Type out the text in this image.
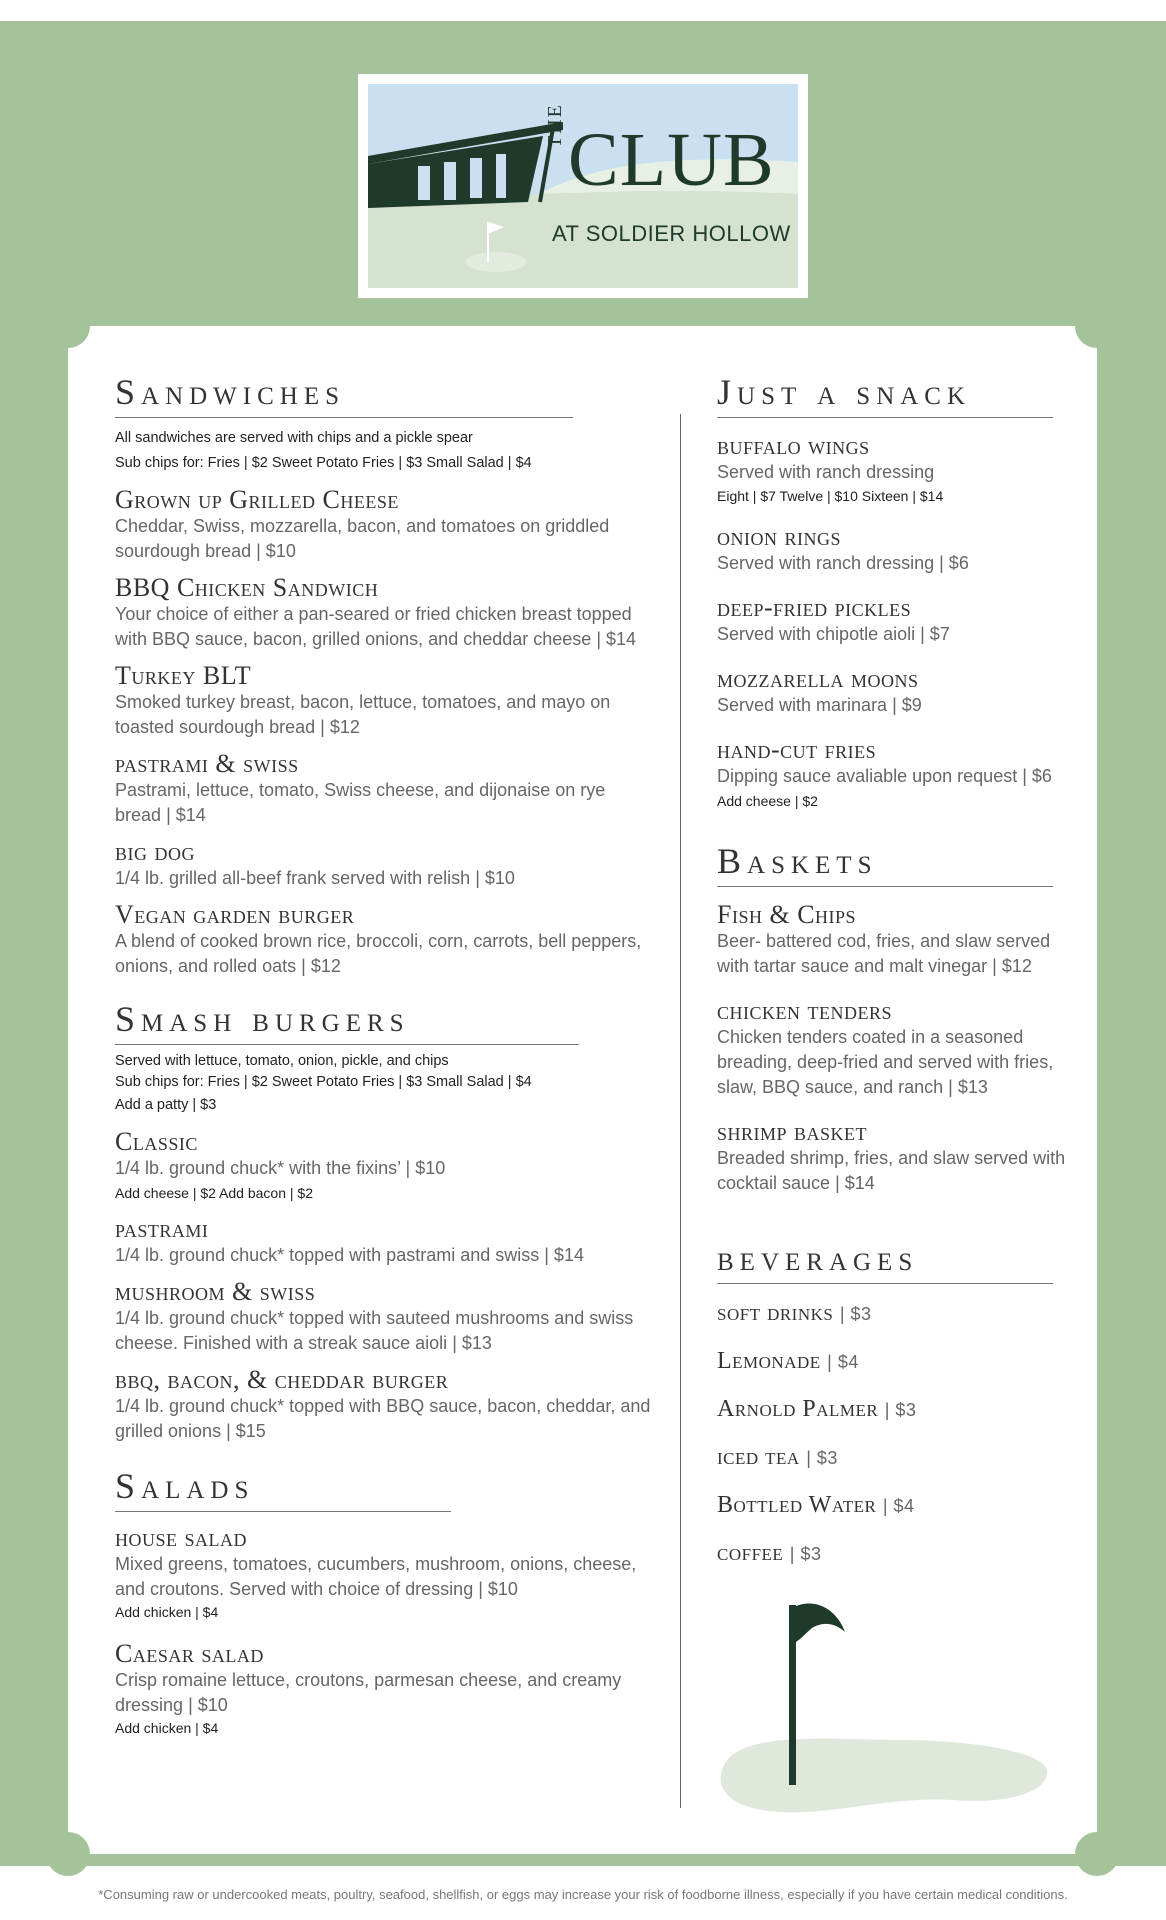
THE CLUB
AT SOLDIER HOLLOW
Sandwiches
All sandwiches are served with chips and a pickle spear
Sub chips for: Fries | $2 Sweet Potato Fries | $3 Small Salad | $4
Grown up Grilled Cheese
Cheddar, Swiss, mozzarella, bacon, and tomatoes on griddled sourdough bread | $10
BBQ Chicken Sandwich
Your choice of either a pan-seared or fried chicken breast topped with BBQ sauce, bacon, grilled onions, and cheddar cheese | $14
Turkey BLT
Smoked turkey breast, bacon, lettuce, tomatoes, and mayo on toasted sourdough bread | $12
pastrami & swiss
Pastrami, lettuce, tomato, Swiss cheese, and dijonaise on rye bread | $14
big dog
1/4 lb. grilled all-beef frank served with relish | $10
Vegan garden burger
A blend of cooked brown rice, broccoli, corn, carrots, bell peppers, onions, and rolled oats | $12
Smash burgers
Served with lettuce, tomato, onion, pickle, and chips
Sub chips for: Fries | $2 Sweet Potato Fries | $3 Small Salad | $4
Add a patty | $3
Classic
1/4 lb. ground chuck* with the fixins’ | $10
Add cheese | $2 Add bacon | $2
pastrami
1/4 lb. ground chuck* topped with pastrami and swiss | $14
mushroom & swiss
1/4 lb. ground chuck* topped with sauteed mushrooms and swiss cheese. Finished with a streak sauce aioli | $13
bbq, bacon, & cheddar burger
1/4 lb. ground chuck* topped with BBQ sauce, bacon, cheddar, and grilled onions | $15
Salads
house salad
Mixed greens, tomatoes, cucumbers, mushroom, onions, cheese, and croutons. Served with choice of dressing | $10
Add chicken | $4
Caesar salad
Crisp romaine lettuce, croutons, parmesan cheese, and creamy dressing | $10
Add chicken | $4
Just a snack
buffalo wings
Served with ranch dressing
Eight | $7 Twelve | $10 Sixteen | $14
onion rings
Served with ranch dressing | $6
deep-fried pickles
Served with chipotle aioli | $7
mozzarella moons
Served with marinara | $9
hand-cut fries
Dipping sauce avaliable upon request | $6
Add cheese | $2
Baskets
Fish & Chips
Beer- battered cod, fries, and slaw served with tartar sauce and malt vinegar | $12
chicken tenders
Chicken tenders coated in a seasoned breading, deep-fried and served with fries, slaw, BBQ sauce, and ranch | $13
shrimp basket
Breaded shrimp, fries, and slaw served with cocktail sauce | $14
beverages
soft drinks | $3
Lemonade | $4
Arnold Palmer | $3
iced tea | $3
Bottled Water | $4
coffee | $3
*Consuming raw or undercooked meats, poultry, seafood, shellfish, or eggs may increase your risk of foodborne illness, especially if you have certain medical conditions.
